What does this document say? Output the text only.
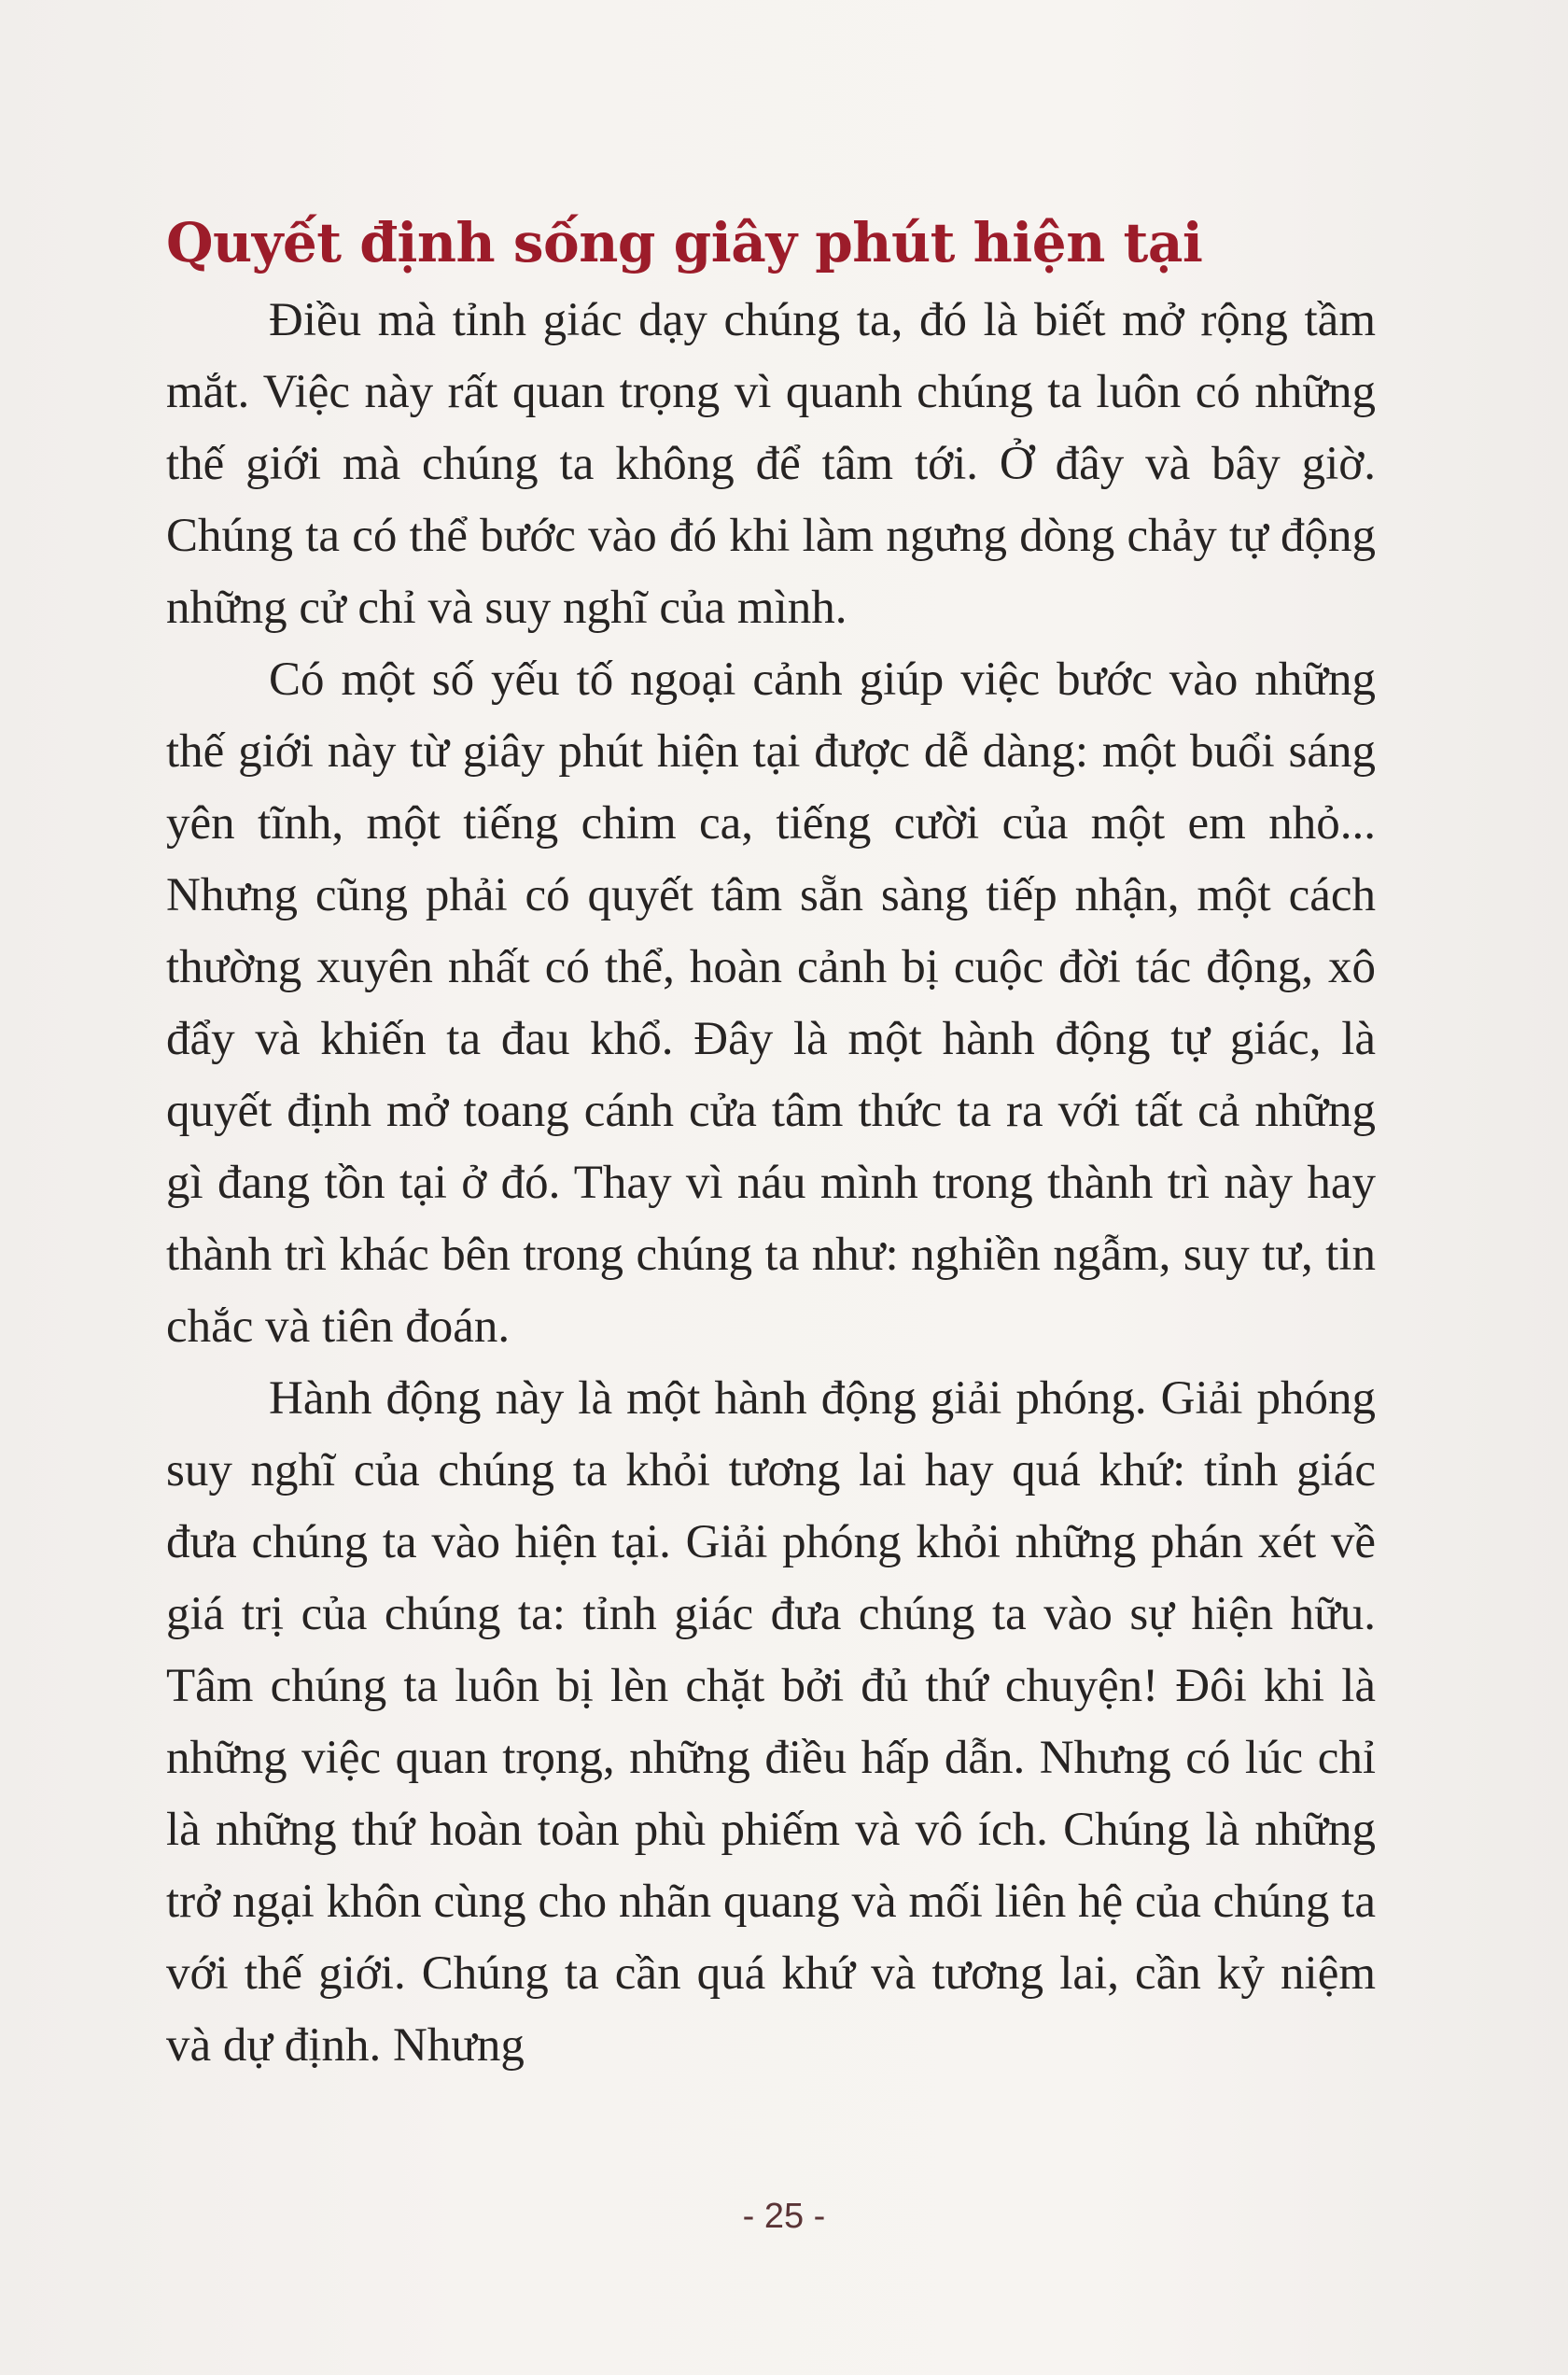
Quyết định sống giây phút hiện tại

Điều mà tỉnh giác dạy chúng ta, đó là biết mở rộng tầm mắt. Việc này rất quan trọng vì quanh chúng ta luôn có những thế giới mà chúng ta không để tâm tới. Ở đây và bây giờ. Chúng ta có thể bước vào đó khi làm ngưng dòng chảy tự động những cử chỉ và suy nghĩ của mình.

Có một số yếu tố ngoại cảnh giúp việc bước vào những thế giới này từ giây phút hiện tại được dễ dàng: một buổi sáng yên tĩnh, một tiếng chim ca, tiếng cười của một em nhỏ... Nhưng cũng phải có quyết tâm sẵn sàng tiếp nhận, một cách thường xuyên nhất có thể, hoàn cảnh bị cuộc đời tác động, xô đẩy và khiến ta đau khổ. Đây là một hành động tự giác, là quyết định mở toang cánh cửa tâm thức ta ra với tất cả những gì đang tồn tại ở đó. Thay vì náu mình trong thành trì này hay thành trì khác bên trong chúng ta như: nghiền ngẫm, suy tư, tin chắc và tiên đoán.

Hành động này là một hành động giải phóng. Giải phóng suy nghĩ của chúng ta khỏi tương lai hay quá khứ: tỉnh giác đưa chúng ta vào hiện tại. Giải phóng khỏi những phán xét về giá trị của chúng ta: tỉnh giác đưa chúng ta vào sự hiện hữu. Tâm chúng ta luôn bị lèn chặt bởi đủ thứ chuyện! Đôi khi là những việc quan trọng, những điều hấp dẫn. Nhưng có lúc chỉ là những thứ hoàn toàn phù phiếm và vô ích. Chúng là những trở ngại khôn cùng cho nhãn quang và mối liên hệ của chúng ta với thế giới. Chúng ta cần quá khứ và tương lai, cần kỷ niệm và dự định. Nhưng

- 25 -
